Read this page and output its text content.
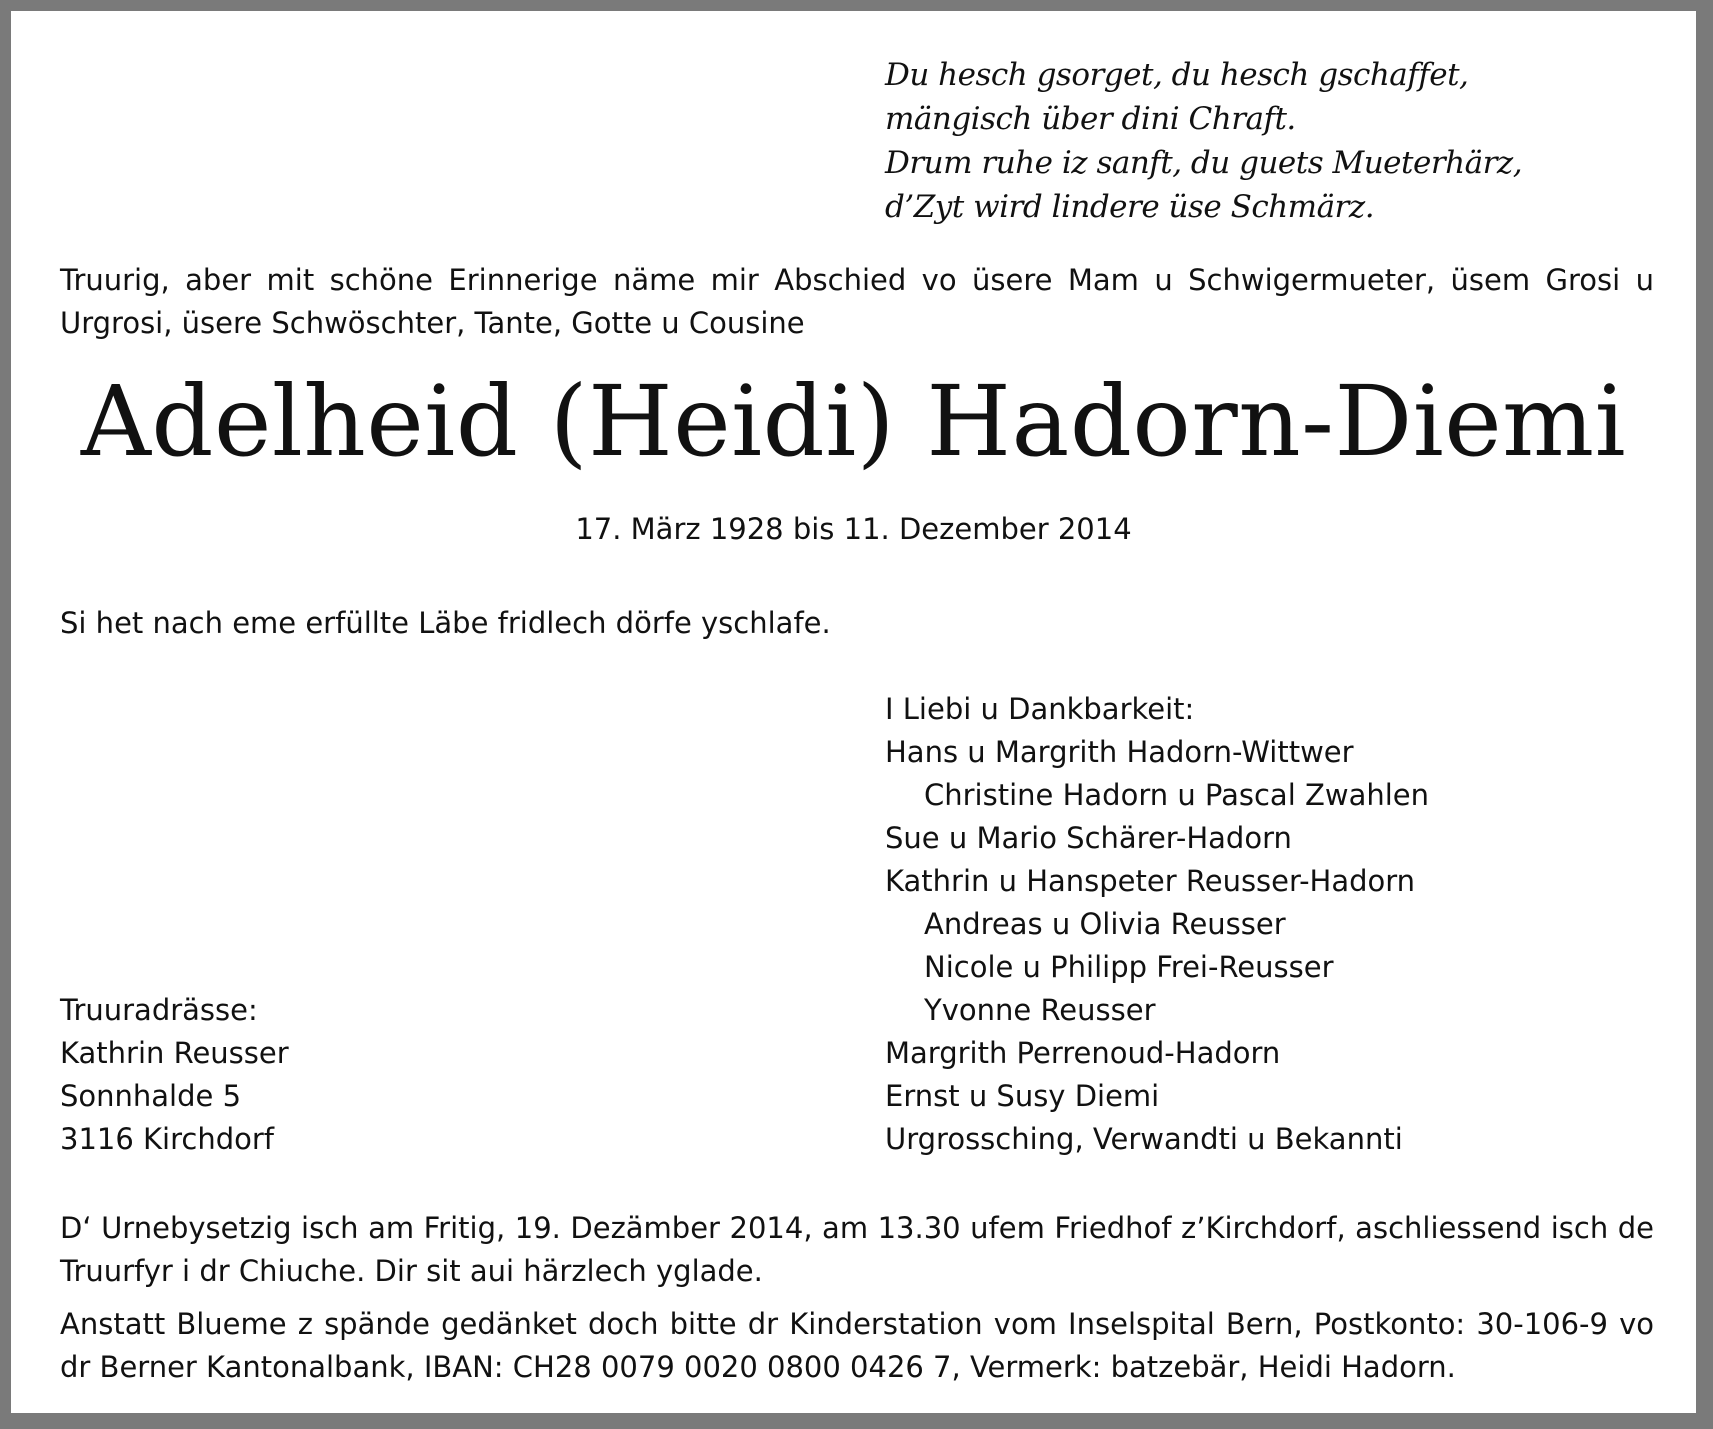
Du hesch gsorget, du hesch gschaffet,
mängisch über dini Chraft.
Drum ruhe iz sanft, du guets Mueterhärz,
d’Zyt wird lindere üse Schmärz.
Truurig, aber mit schöne Erinnerige näme mir Abschied vo üsere Mam u Schwigermueter, üsem Grosi u Urgrosi, üsere Schwöschter, Tante, Gotte u Cousine
Adelheid (Heidi) Hadorn-Diemi
17. März 1928 bis 11. Dezember 2014
Si het nach eme erfüllte Läbe fridlech dörfe yschlafe.
I Liebi u Dankbarkeit:
Hans u Margrith Hadorn-Wittwer
Christine Hadorn u Pascal Zwahlen
Sue u Mario Schärer-Hadorn
Kathrin u Hanspeter Reusser-Hadorn
Andreas u Olivia Reusser
Nicole u Philipp Frei-Reusser
Yvonne Reusser
Margrith Perrenoud-Hadorn
Ernst u Susy Diemi
Urgrossching, Verwandti u Bekannti
Truuradrässe:
Kathrin Reusser
Sonnhalde 5
3116 Kirchdorf
D‘ Urnebysetzig isch am Fritig, 19. Dezämber 2014, am 13.30 ufem Friedhof z’Kirchdorf, aschliessend isch de Truurfyr i dr Chiuche. Dir sit aui härzlech yglade.
Anstatt Blueme z spände gedänket doch bitte dr Kinderstation vom Inselspital Bern, Postkonto: 30-106-9 vo dr Berner Kantonalbank, IBAN: CH28 0079 0020 0800 0426 7, Vermerk: batzebär, Heidi Hadorn.
